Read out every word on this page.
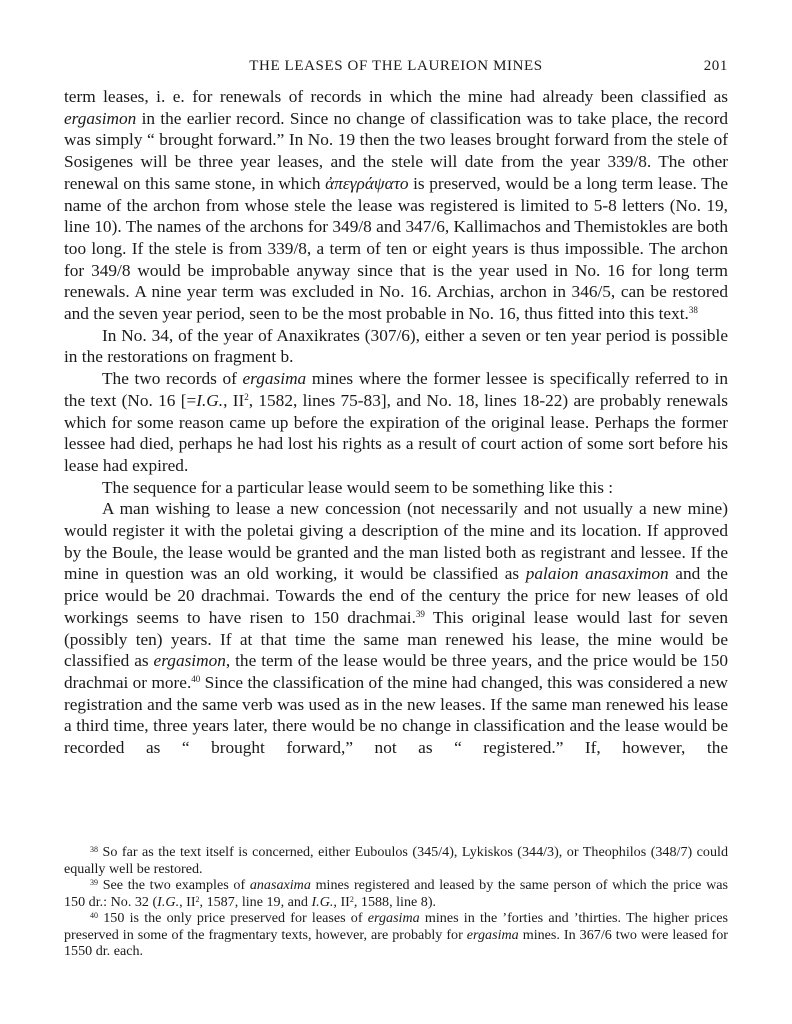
THE LEASES OF THE LAUREION MINES	201

term leases, i. e. for renewals of records in which the mine had already been classified as ergasimon in the earlier record. Since no change of classification was to take place, the record was simply “ brought forward.” In No. 19 then the two leases brought forward from the stele of Sosigenes will be three year leases, and the stele will date from the year 339/8. The other renewal on this same stone, in which ἀπεγράψατο is preserved, would be a long term lease. The name of the archon from whose stele the lease was registered is limited to 5-8 letters (No. 19, line 10). The names of the archons for 349/8 and 347/6, Kallimachos and Themistokles are both too long. If the stele is from 339/8, a term of ten or eight years is thus impossible. The archon for 349/8 would be improbable anyway since that is the year used in No. 16 for long term renewals. A nine year term was excluded in No. 16. Archias, archon in 346/5, can be restored and the seven year period, seen to be the most probable in No. 16, thus fitted into this text.$^{38}$

In No. 34, of the year of Anaxikrates (307/6), either a seven or ten year period is possible in the restorations on fragment b.

The two records of ergasima mines where the former lessee is specifically referred to in the text (No. 16 [=I.G., $II^2$, 1582, lines 75-83], and No. 18, lines 18-22) are probably renewals which for some reason came up before the expiration of the original lease. Perhaps the former lessee had died, perhaps he had lost his rights as a result of court action of some sort before his lease had expired.

The sequence for a particular lease would seem to be something like this :

A man wishing to lease a new concession (not necessarily and not usually a new mine) would register it with the poletai giving a description of the mine and its location. If approved by the Boule, the lease would be granted and the man listed both as registrant and lessee. If the mine in question was an old working, it would be classified as palaion anasaximon and the price would be 20 drachmai. Towards the end of the century the price for new leases of old workings seems to have risen to 150 drachmai.$^{39}$ This original lease would last for seven (possibly ten) years. If at that time the same man renewed his lease, the mine would be classified as ergasimon, the term of the lease would be three years, and the price would be 150 drachmai or more.$^{40}$ Since the classification of the mine had changed, this was considered a new registration and the same verb was used as in the new leases. If the same man renewed his lease a third time, three years later, there would be no change in classification and the lease would be recorded as “ brought forward,” not as “ registered.” If, however, the

$^{38}$ So far as the text itself is concerned, either Euboulos (345/4), Lykiskos (344/3), or Theophilos (348/7) could equally well be restored.

$^{39}$ See the two examples of anasaxima mines registered and leased by the same person of which the price was 150 dr.: No. 32 (I.G., $II^2$, 1587, line 19, and I.G., $II^2$, 1588, line 8).

$^{40}$ 150 is the only price preserved for leases of ergasima mines in the ’forties and ’thirties. The higher prices preserved in some of the fragmentary texts, however, are probably for ergasima mines. In 367/6 two were leased for 1550 dr. each.
